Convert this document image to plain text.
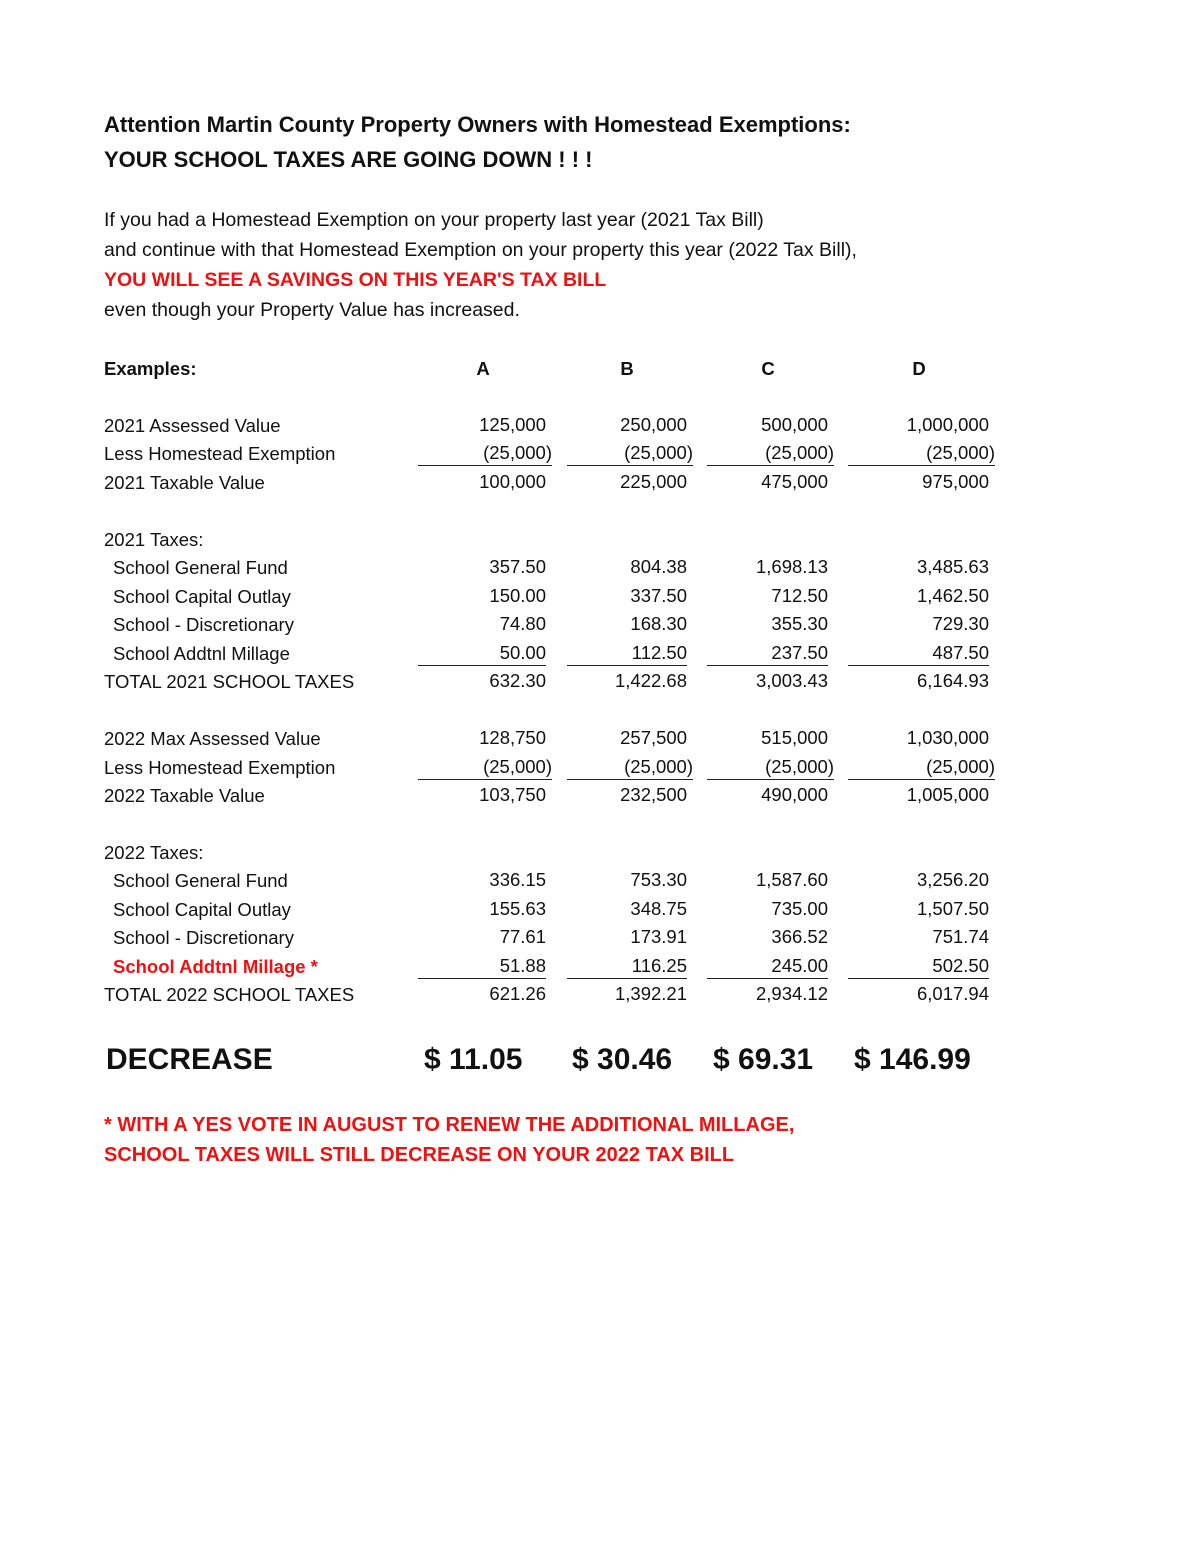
Attention Martin County Property Owners with Homestead Exemptions:
YOUR SCHOOL TAXES ARE GOING DOWN ! ! !
If you had a Homestead Exemption on your property last year (2021 Tax Bill)
and continue with that Homestead Exemption on your property this year (2022 Tax Bill),
YOU WILL SEE A SAVINGS ON THIS YEAR'S TAX BILL
even though your Property Value has increased.
Examples:	A	B	C	D
2021 Assessed Value	125,000	250,000	500,000	1,000,000
Less Homestead Exemption	(25,000)	(25,000)	(25,000)	(25,000)
2021 Taxable Value	100,000	225,000	475,000	975,000
2021 Taxes:
School General Fund	357.50	804.38	1,698.13	3,485.63
School Capital Outlay	150.00	337.50	712.50	1,462.50
School - Discretionary	74.80	168.30	355.30	729.30
School Addtnl Millage	50.00	112.50	237.50	487.50
TOTAL 2021 SCHOOL TAXES	632.30	1,422.68	3,003.43	6,164.93
2022 Max Assessed Value	128,750	257,500	515,000	1,030,000
Less Homestead Exemption	(25,000)	(25,000)	(25,000)	(25,000)
2022 Taxable Value	103,750	232,500	490,000	1,005,000
2022 Taxes:
School General Fund	336.15	753.30	1,587.60	3,256.20
School Capital Outlay	155.63	348.75	735.00	1,507.50
School - Discretionary	77.61	173.91	366.52	751.74
School Addtnl Millage *	51.88	116.25	245.00	502.50
TOTAL 2022 SCHOOL TAXES	621.26	1,392.21	2,934.12	6,017.94
DECREASE	$ 11.05 $ 30.46 $ 69.31 $ 146.99
* WITH A YES VOTE IN AUGUST TO RENEW THE ADDITIONAL MILLAGE,
SCHOOL TAXES WILL STILL DECREASE ON YOUR 2022 TAX BILL
